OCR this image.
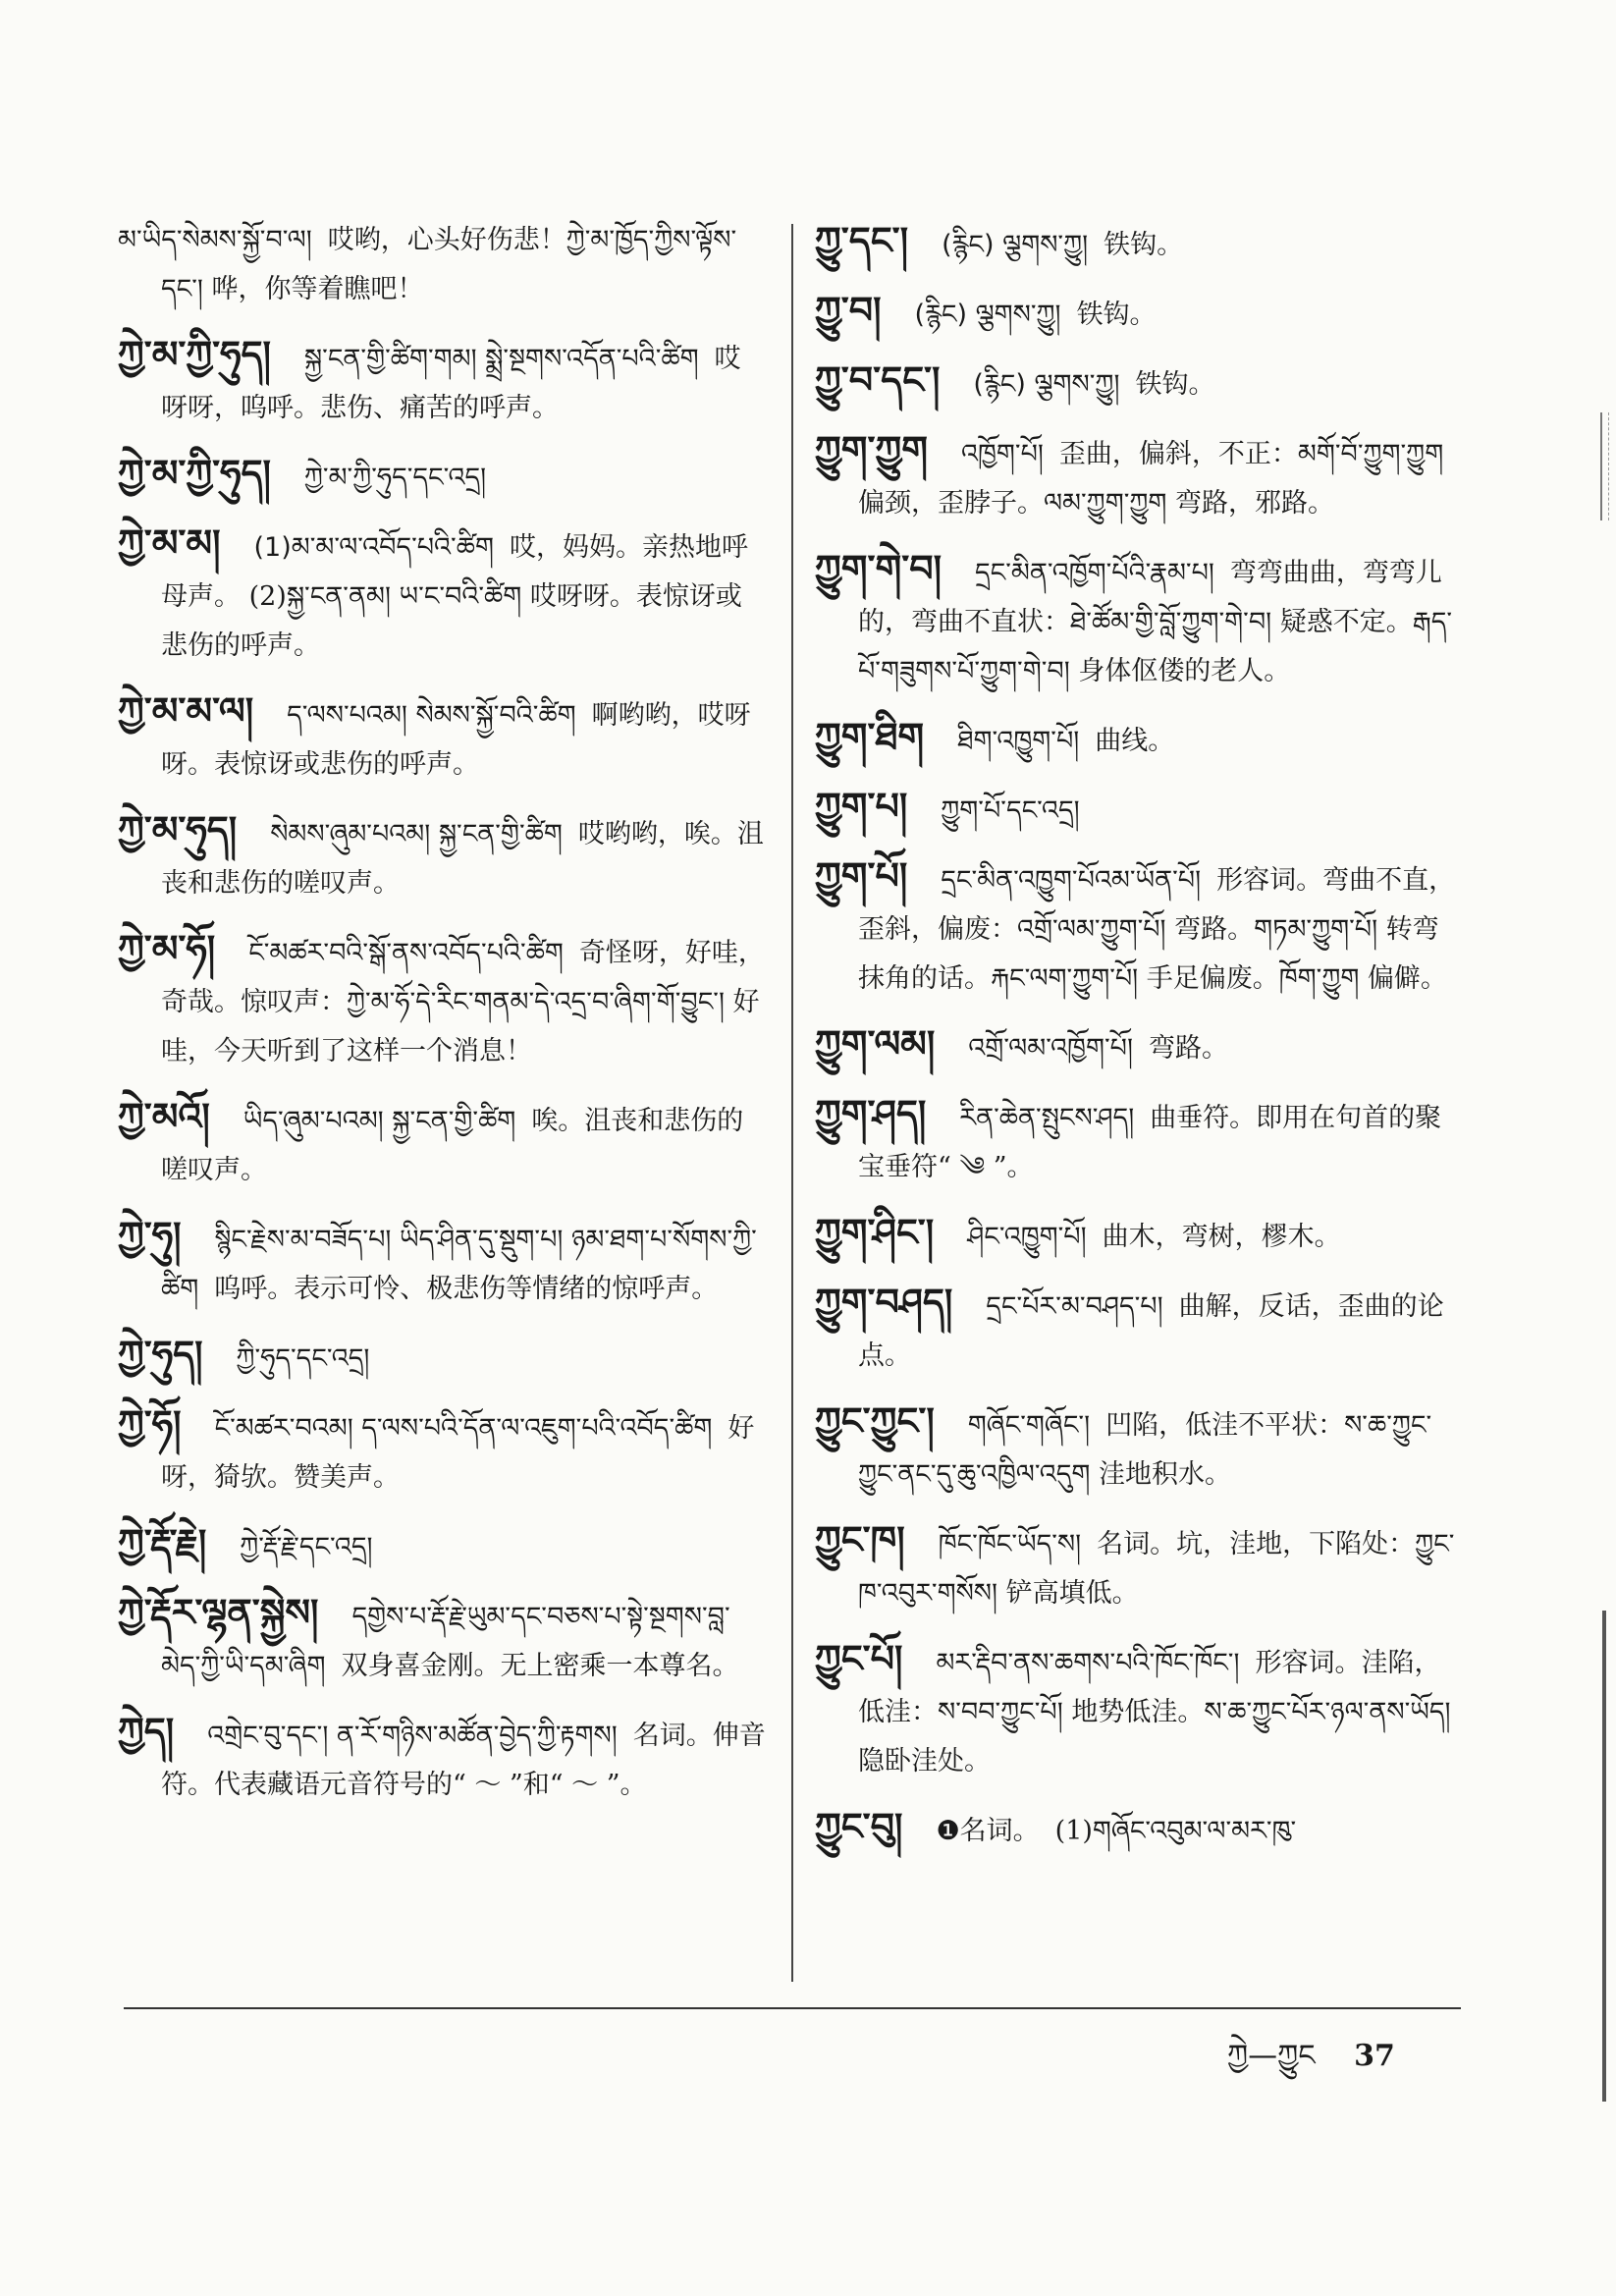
མ་ཡིད་སེམས་སྐྱོ་བ་ལ། 哎哟，心头好伤悲！ཀྱེ་མ་ཁྱོད་ཀྱིས་ལྟོས་དང་། 哗，你等着瞧吧！
ཀྱེ་མ་ཀྱི་ཧུད། སྐྱ་ངན་གྱི་ཚིག་གམ། སྨྲེ་སྔགས་འདོན་པའི་ཚིག 哎呀呀，呜呼。悲伤、痛苦的呼声。
ཀྱེ་མ་ཀྱི་ཧུད། ཀྱེ་མ་ཀྱི་ཧུད་དང་འདྲ།
ཀྱེ་མ་མ། (1)མ་མ་ལ་འབོད་པའི་ཚིག 哎，妈妈。亲热地呼母声。 (2)སྐྱ་ངན་ནམ། ཡ་ང་བའི་ཚིག 哎呀呀。表惊讶或悲伤的呼声。
ཀྱེ་མ་མ་ལ། ད་ལས་པའམ། སེམས་སྐྱོ་བའི་ཚིག 啊哟哟，哎呀呀。表惊讶或悲伤的呼声。
ཀྱེ་མ་ཧུད། སེམས་ཞུམ་པའམ། སྐྱ་ངན་གྱི་ཚིག 哎哟哟，唉。沮丧和悲伤的嗟叹声。
ཀྱེ་མ་ཧོ། ངོ་མཚར་བའི་སྒོ་ནས་འབོད་པའི་ཚིག 奇怪呀，好哇，奇哉。惊叹声：ཀྱེ་མ་ཧོ་དེ་རིང་གནམ་དེ་འདྲ་བ་ཞིག་གོ་བྱུང་། 好哇，今天听到了这样一个消息！
ཀྱེ་མའོ། ཡིད་ཞུམ་པའམ། སྐྱ་ངན་གྱི་ཚིག 唉。沮丧和悲伤的嗟叹声。
ཀྱེ་ཧུ། སྙིང་རྗེས་མ་བཟོད་པ། ཡིད་ཤིན་དུ་སྡུག་པ། ཉམ་ཐག་པ་སོགས་ཀྱི་ཚིག 呜呼。表示可怜、极悲伤等情绪的惊呼声。
ཀྱེ་ཧུད། ཀྱི་ཧུད་དང་འདྲ།
ཀྱེ་ཧོ། ངོ་མཚར་བའམ། ད་ལས་པའི་དོན་ལ་འཇུག་པའི་འབོད་ཚིག 好呀，猗欤。赞美声。
ཀྱེ་རྡོ་རྗེ། ཀྱེ་རྡོ་རྗེ་དང་འདྲ།
ཀྱེ་རྡོར་ལྷན་སྐྱེས། དགྱེས་པ་རྡོ་རྗེ་ཡུམ་དང་བཅས་པ་སྟེ་སྔགས་བླ་མེད་ཀྱི་ཡི་དམ་ཞིག 双身喜金刚。无上密乘一本尊名。
ཀྱེད། འགྲེང་བུ་དང་། ན་རོ་གཉིས་མཚོན་བྱེད་ཀྱི་རྟགས། 名词。伸音符。代表藏语元音符号的“ ～ ”和“ ～ ”。
ཀྱུ་དང་། (རྙིང) ལྕགས་ཀྱུ། 铁钩。
ཀྱུ་བ། (རྙིང) ལྕགས་ཀྱུ། 铁钩。
ཀྱུ་བ་དང་། (རྙིང) ལྕགས་ཀྱུ། 铁钩。
ཀྱུག་ཀྱུག འཁྱོག་པོ། 歪曲，偏斜，不正：མགོ་བོ་ཀྱུག་ཀྱུག 偏颈，歪脖子。ལམ་ཀྱུག་ཀྱུག 弯路，邪路。
ཀྱུག་གེ་བ། དྲང་མིན་འཁྱོག་པོའི་རྣམ་པ། 弯弯曲曲，弯弯儿的，弯曲不直状：ཐེ་ཚོམ་གྱི་བློ་ཀྱུག་གེ་བ། 疑惑不定。རྒད་པོ་གཟུགས་པོ་ཀྱུག་གེ་བ། 身体伛偻的老人。
ཀྱུག་ཐིག ཐིག་འཁྱུག་པོ། 曲线。
ཀྱུག་པ། ཀྱུག་པོ་དང་འདྲ།
ཀྱུག་པོ། དྲང་མིན་འཁྱུག་པོའམ་ཡོན་པོ། 形容词。弯曲不直，歪斜，偏废：འགྲོ་ལམ་ཀྱུག་པོ། 弯路。གཏམ་ཀྱུག་པོ། 转弯抹角的话。རྐང་ལག་ཀྱུག་པོ། 手足偏废。ཁོག་ཀྱུག 偏僻。
ཀྱུག་ལམ། འགྲོ་ལམ་འཁྱོག་པོ། 弯路。
ཀྱུག་ཤད། རིན་ཆེན་སྤུངས་ཤད། 曲垂符。即用在句首的聚宝垂符“ ༄ ”。
ཀྱུག་ཤིང་། ཤིང་འཁྱུག་པོ། 曲木，弯树，樛木。
ཀྱུག་བཤད། དྲང་པོར་མ་བཤད་པ། 曲解，反话，歪曲的论点。
ཀྱུང་ཀྱུང་། གཞོང་གཞོང་། 凹陷，低洼不平状：ས་ཆ་ཀྱུང་ཀྱུང་ནང་དུ་ཆུ་འཁྱིལ་འདུག 洼地积水。
ཀྱུང་ཁ། ཁོང་ཁོང་ཡོད་ས། 名词。坑，洼地，下陷处：ཀྱུང་ཁ་འབུར་གསོས། 铲高填低。
ཀྱུང་པོ། མར་རྡིབ་ནས་ཆགས་པའི་ཁོང་ཁོང་། 形容词。洼陷，低洼：ས་བབ་ཀྱུང་པོ། 地势低洼。ས་ཆ་ཀྱུང་པོར་ཉལ་ནས་ཡོད། 隐卧洼处。
ཀྱུང་བུ། ❶名词。 (1)གཞོང་འབུམ་ལ་མར་ཁུ་
ཀྱེ—ཀྱུང 37
